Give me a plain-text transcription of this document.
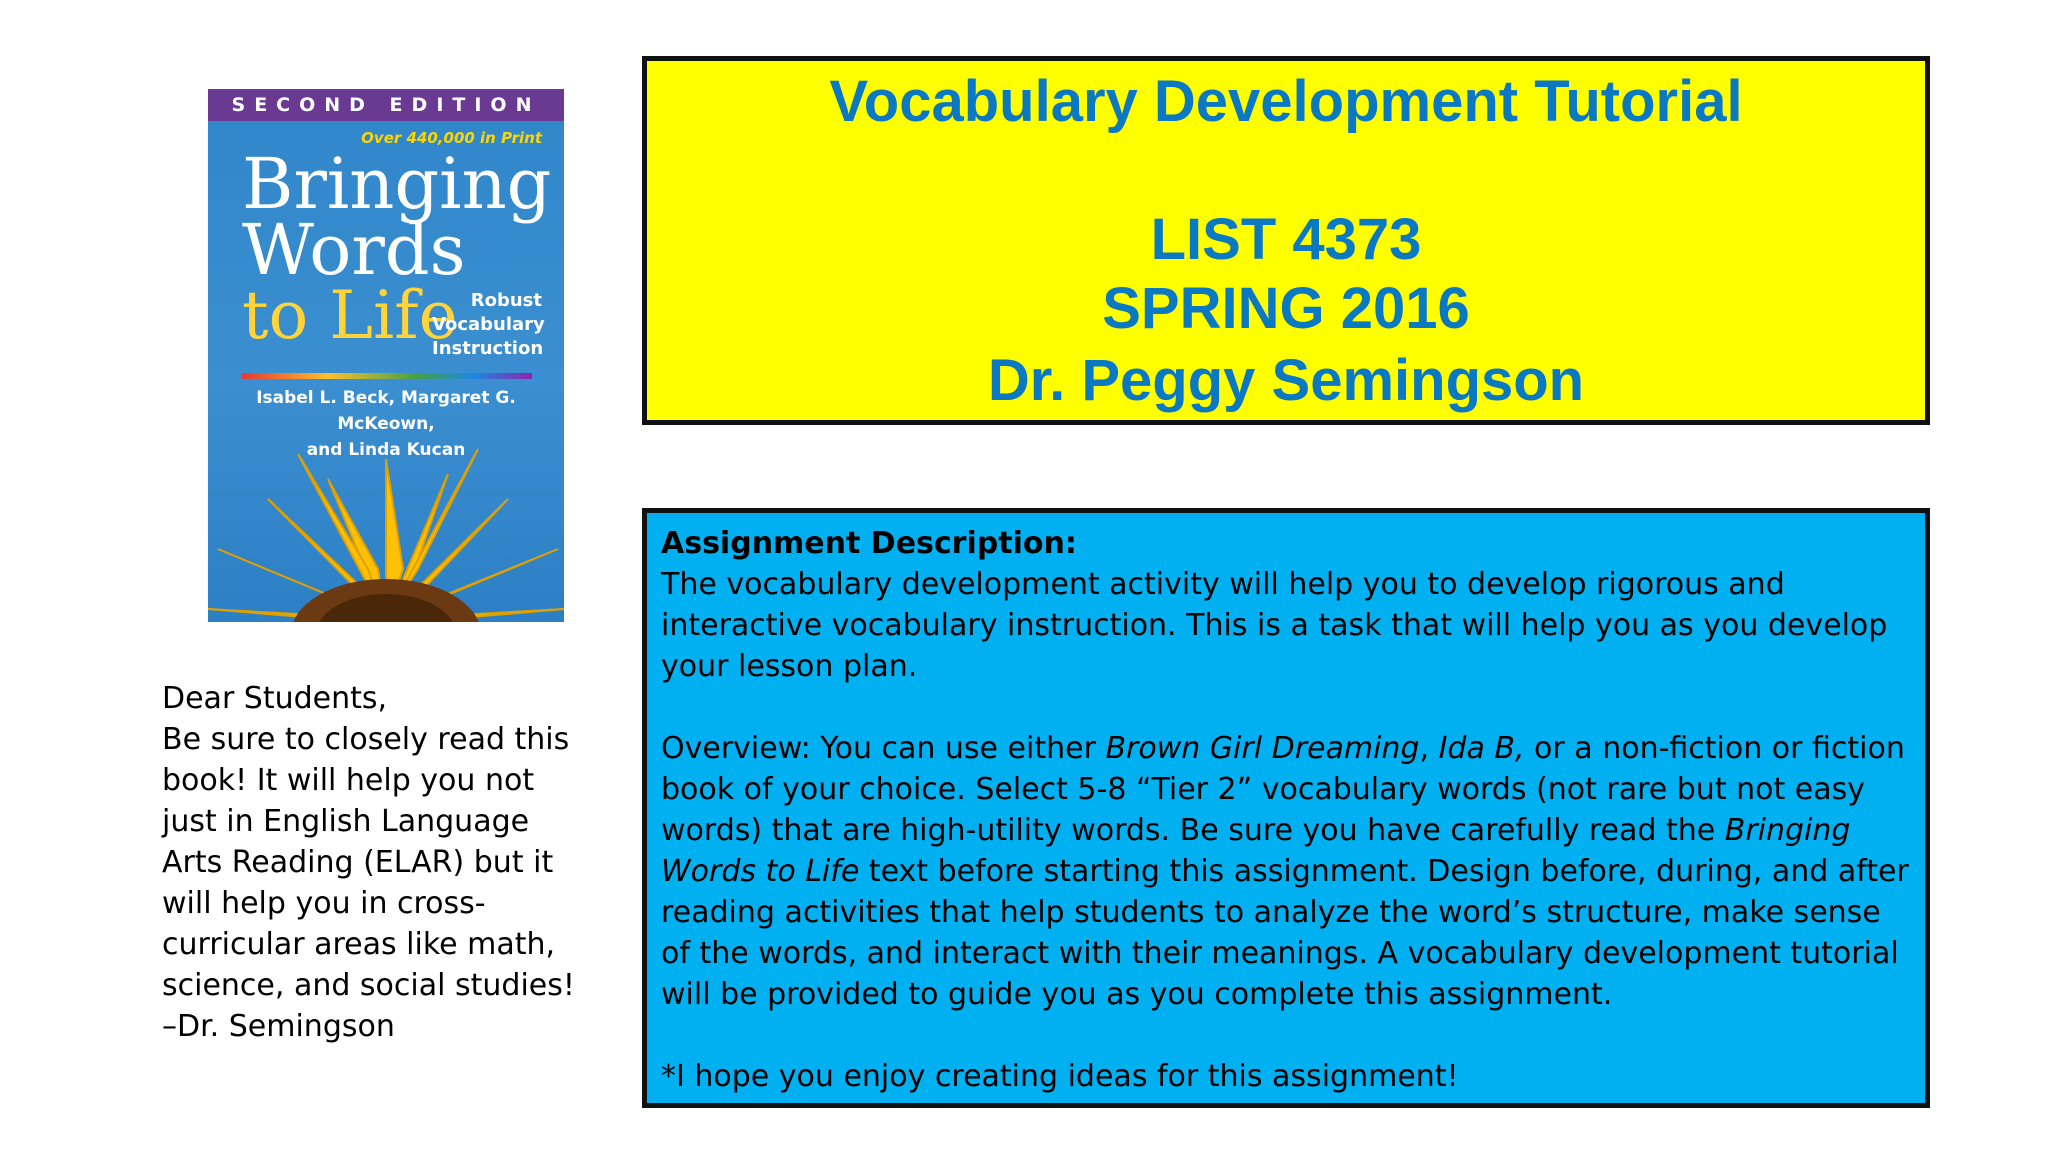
SECOND EDITION
Over 440,000 in Print
Bringing
Words
to Life Robust
Vocabulary
Instruction
Isabel L. Beck, Margaret G. McKeown,
and Linda Kucan
Vocabulary Development Tutorial
LIST 4373
SPRING 2016
Dr. Peggy Semingson

Assignment Description:

The vocabulary development activity will help you to develop rigorous and interactive vocabulary instruction. This is a task that will help you as you develop your lesson plan.

Overview: You can use either Brown Girl Dreaming, Ida B, or a non-fiction or fiction book of your choice. Select 5-8 “Tier 2” vocabulary words (not rare but not easy words) that are high-utility words. Be sure you have carefully read the Bringing Words to Life text before starting this assignment. Design before, during, and after reading activities that help students to analyze the word’s structure, make sense of the words, and interact with their meanings. A vocabulary development tutorial will be provided to guide you as you complete this assignment.

*I hope you enjoy creating ideas for this assignment!

Dear Students,
Be sure to closely read this book! It will help you not just in English Language Arts Reading (ELAR) but it will help you in cross-curricular areas like math, science, and social studies! –Dr. Semingson
